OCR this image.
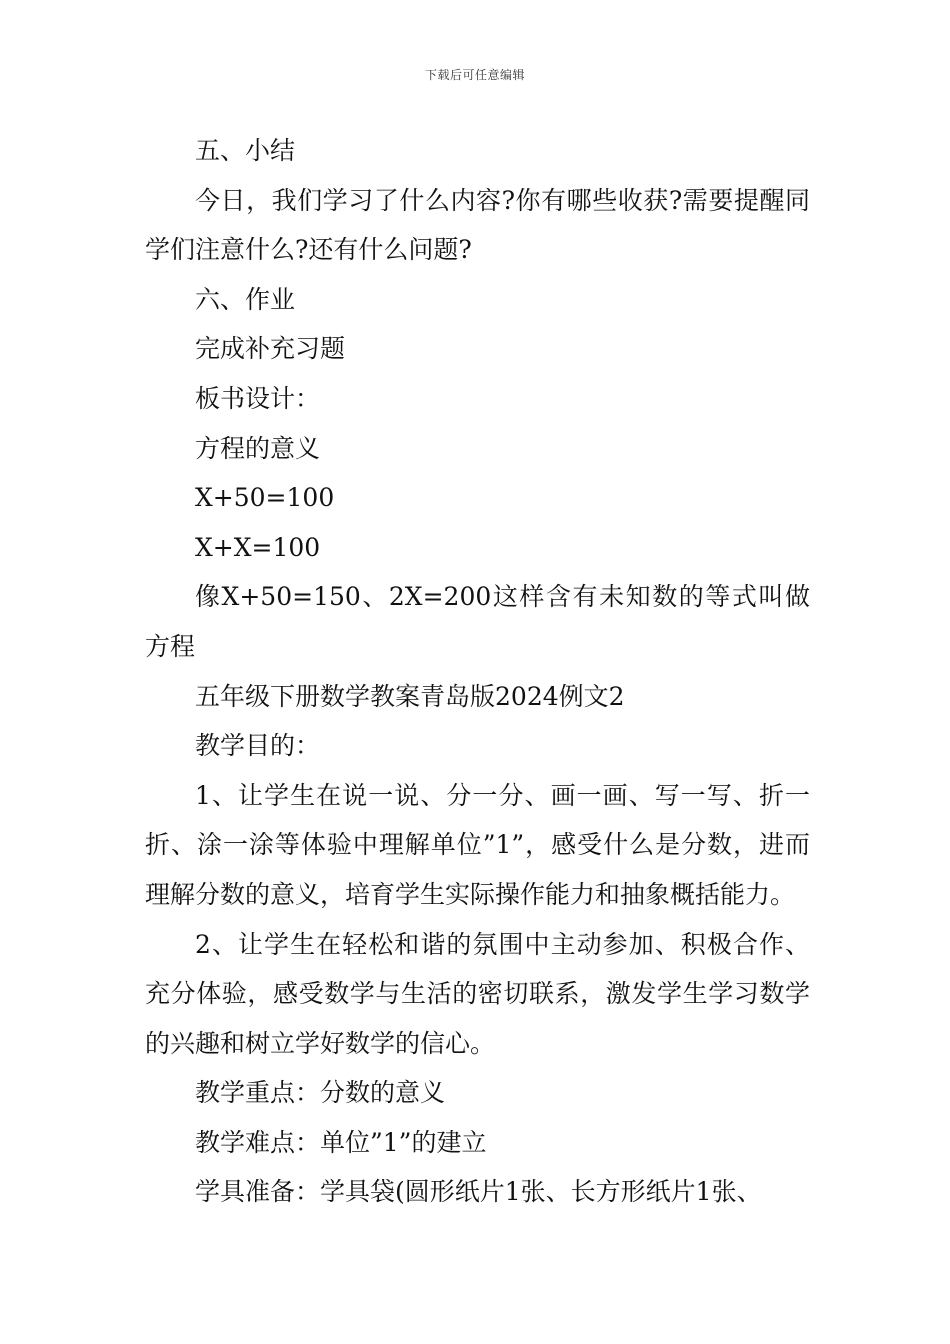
下载后可任意编辑

五、小结

今日，我们学习了什么内容?你有哪些收获?需要提醒同学们注意什么?还有什么问题?

六、作业

完成补充习题

板书设计：

方程的意义

X+50=100

X+X=100

像X+50=150、2X=200这样含有未知数的等式叫做方程

五年级下册数学教案青岛版2024例文2

教学目的：

1、让学生在说一说、分一分、画一画、写一写、折一折、涂一涂等体验中理解单位”1”，感受什么是分数，进而理解分数的意义，培育学生实际操作能力和抽象概括能力。

2、让学生在轻松和谐的氛围中主动参加、积极合作、充分体验，感受数学与生活的密切联系，激发学生学习数学的兴趣和树立学好数学的信心。

教学重点：分数的意义

教学难点：单位”1”的建立

学具准备：学具袋(圆形纸片1张、长方形纸片1张、
